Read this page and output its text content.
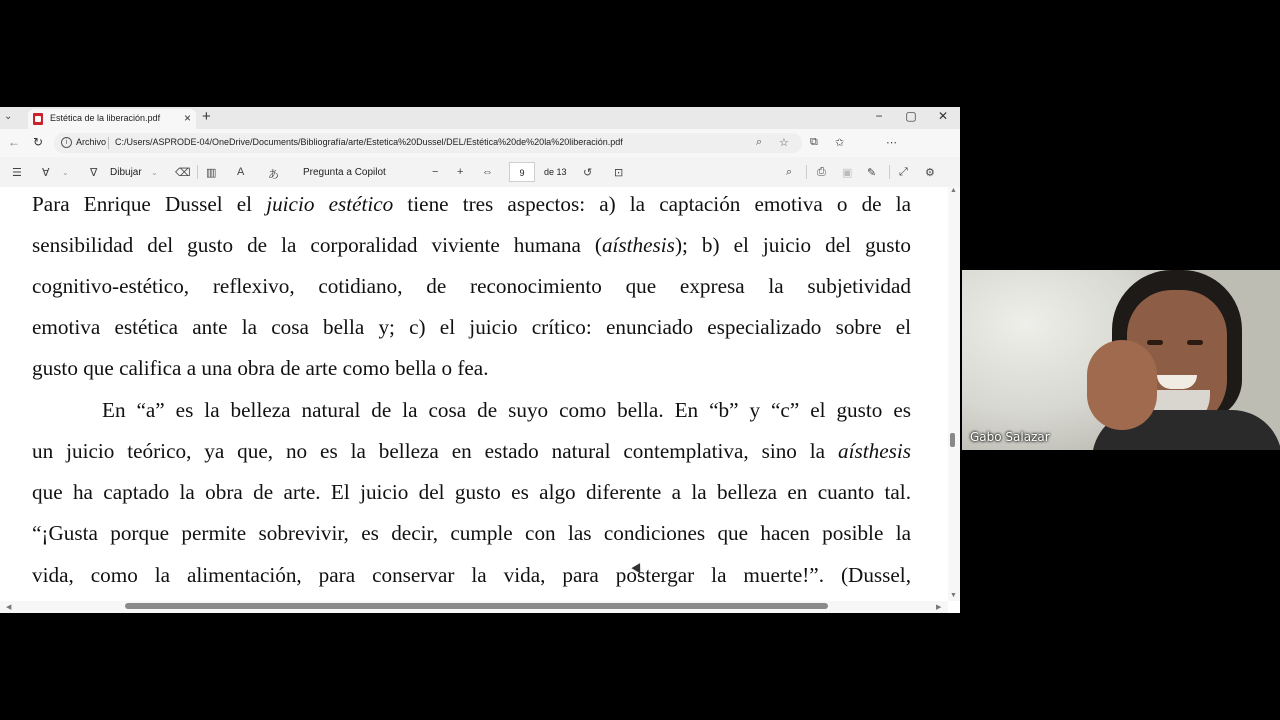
⌄	Estética de la liberación.pdf × +	−	▢	✕
← ↻	i Archivo C:/Users/ASPRODE-04/OneDrive/Documents/Bibliografía/arte/Estetica%20Dussel/DEL/Estética%20de%20la%20liberación.pdf	⌕ ☆ ⧉ ✩	⋯
☰ ∀ ⌄ ∇ Dibujar ⌄ ⌫ ▥ A あ Pregunta a Copilot	− + ⇔	9	de 13 ↺ ⊡	⌕ ⎙ ▣ ✎ ⤢ ⚙
Para Enrique Dussel el juicio estético tiene tres aspectos: a) la captación emotiva o de la
sensibilidad del gusto de la corporalidad viviente humana (aísthesis); b) el juicio del gusto
cognitivo-estético, reflexivo, cotidiano, de reconocimiento que expresa la subjetividad
emotiva estética ante la cosa bella y; c) el juicio crítico: enunciado especializado sobre el
gusto que califica a una obra de arte como bella o fea.
En “a” es la belleza natural de la cosa de suyo como bella. En “b” y “c” el gusto es
un juicio teórico, ya que, no es la belleza en estado natural contemplativa, sino la aísthesis
que ha captado la obra de arte. El juicio del gusto es algo diferente a la belleza en cuanto tal.
“¡Gusta porque permite sobrevivir, es decir, cumple con las condiciones que hacen posible la
vida, como la alimentación, para conservar la vida, para postergar la muerte!”. (Dussel,
▲
▼
◀	▶
Gabo Salazar
